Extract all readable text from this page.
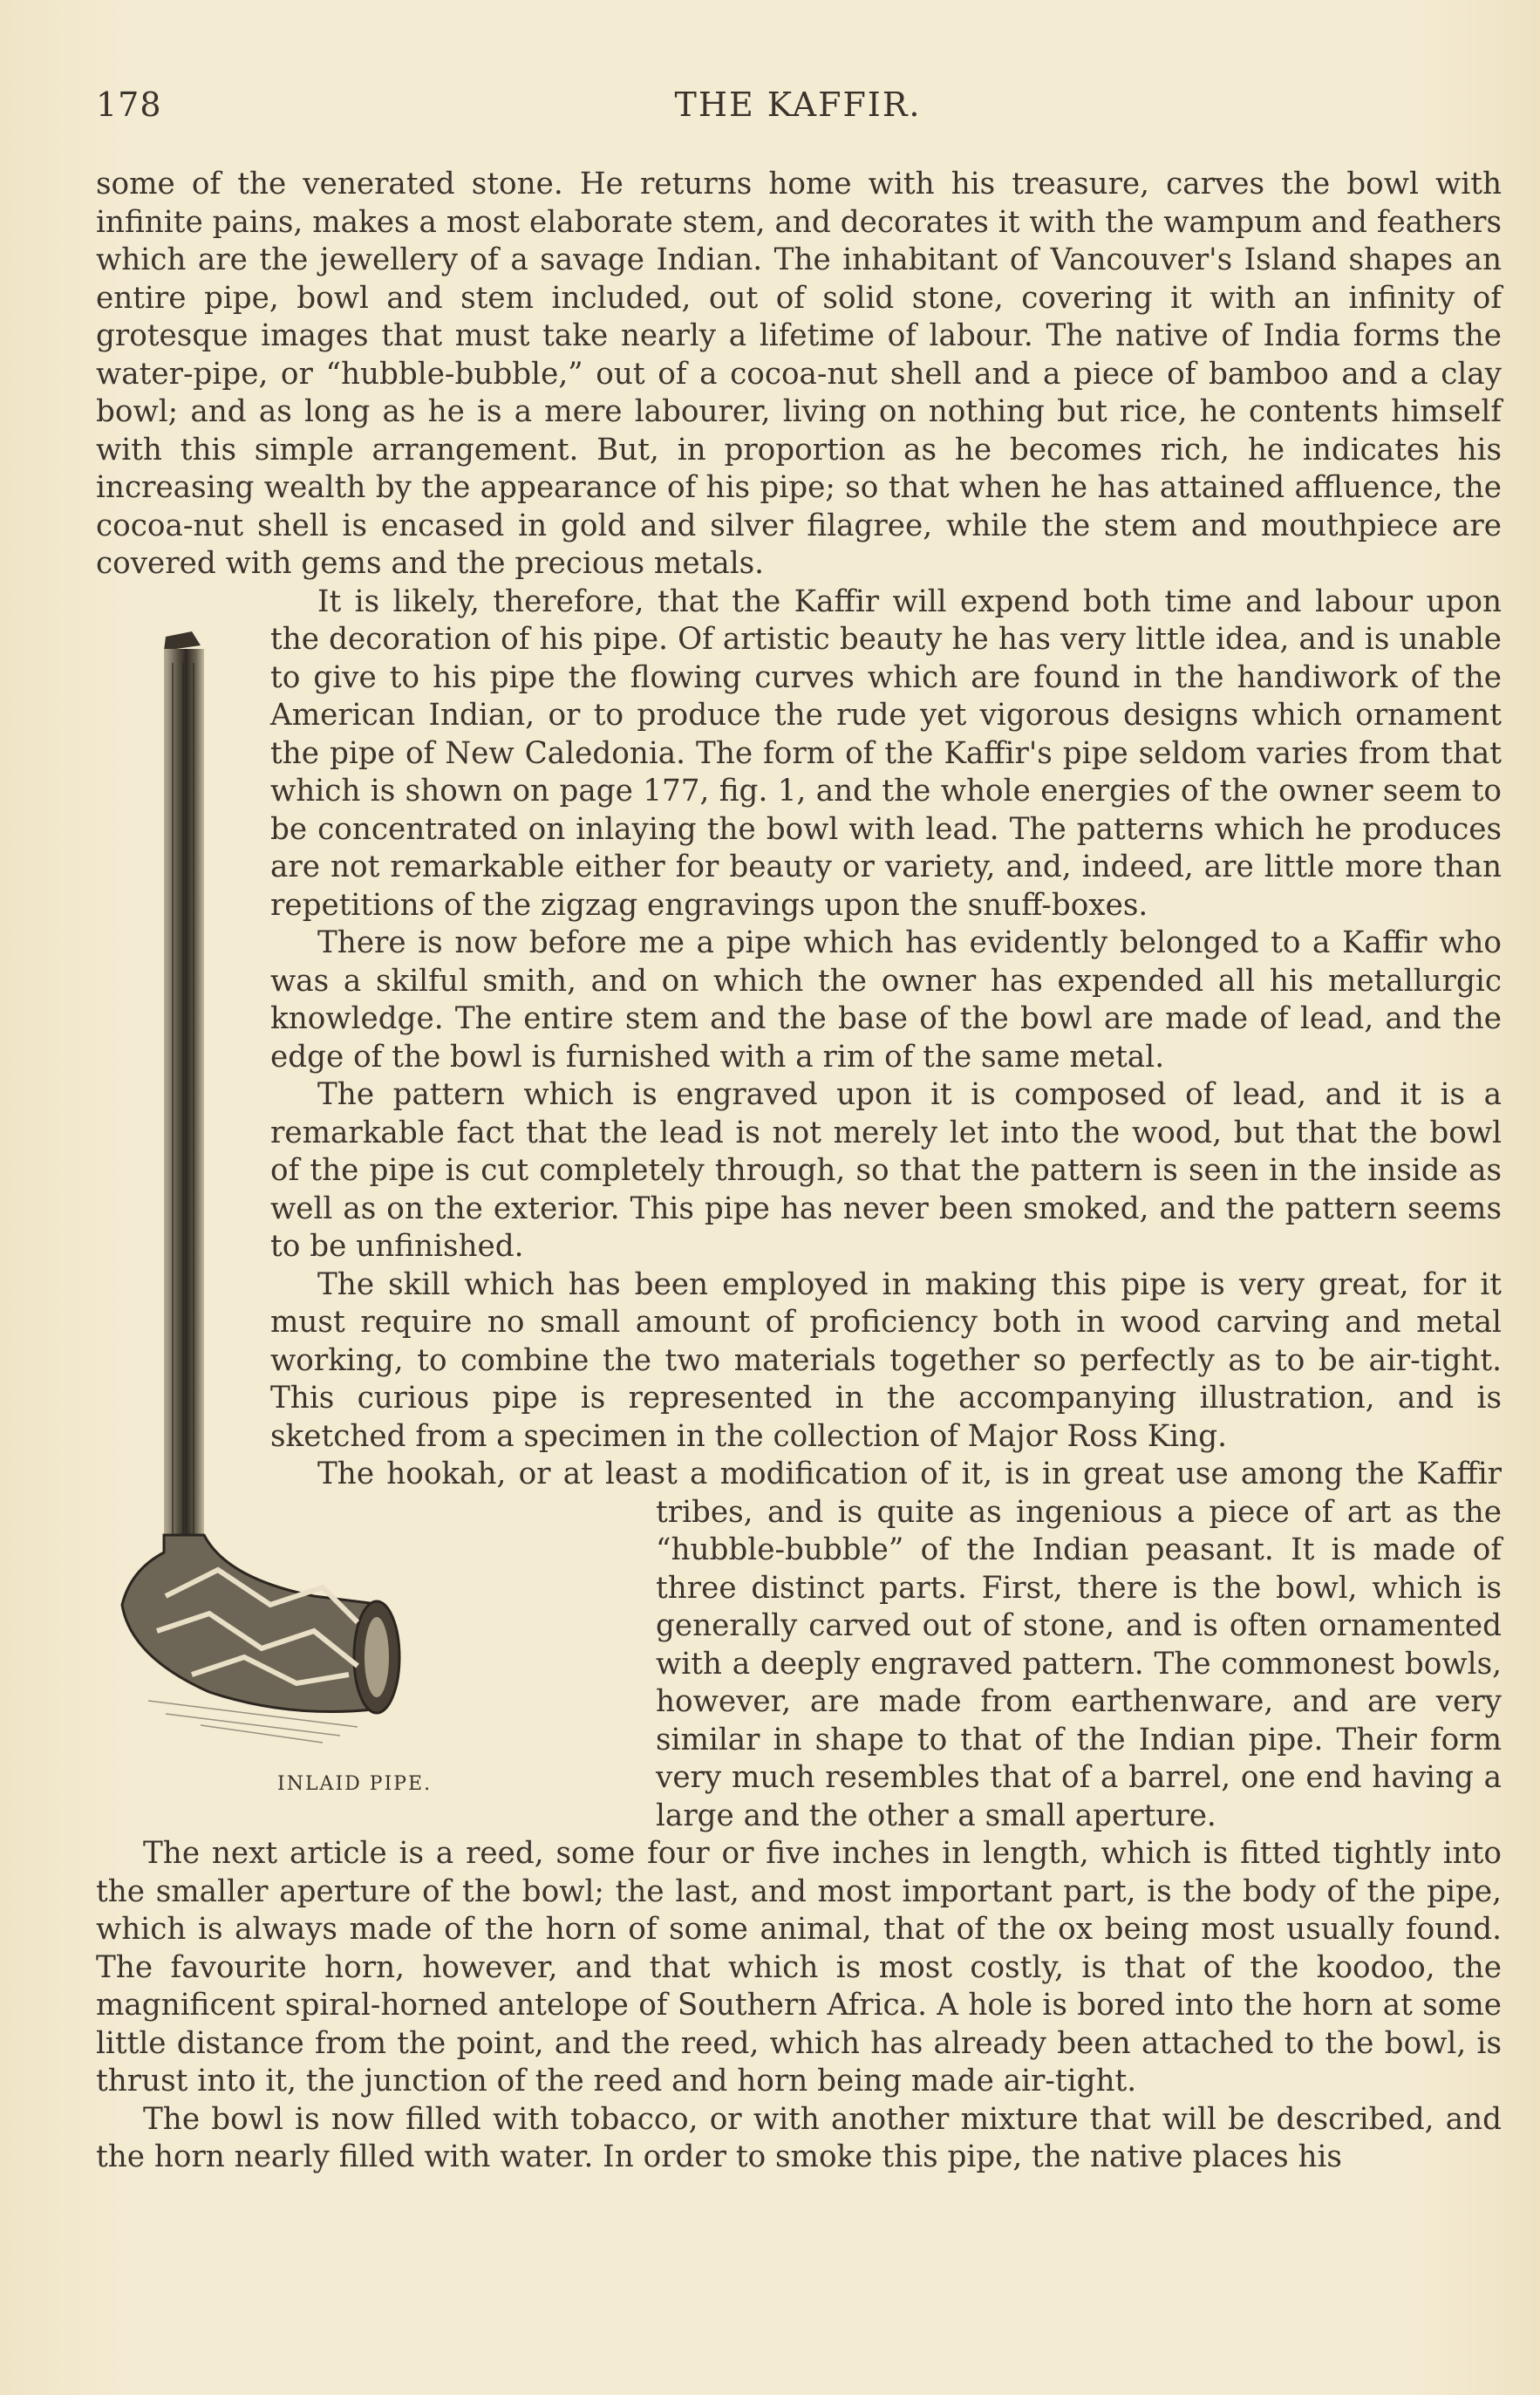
178	THE KAFFIR.

some of the venerated stone. He returns home with his treasure, carves the bowl with infinite pains, makes a most elaborate stem, and decorates it with the wampum and feathers which are the jewellery of a savage Indian. The inhabitant of Vancouver's Island shapes an entire pipe, bowl and stem included, out of solid stone, covering it with an infinity of grotesque images that must take nearly a lifetime of labour. The native of India forms the water-pipe, or “hubble-bubble,” out of a cocoa-nut shell and a piece of bamboo and a clay bowl; and as long as he is a mere labourer, living on nothing but rice, he contents himself with this simple arrangement. But, in proportion as he becomes rich, he indicates his increasing wealth by the appearance of his pipe; so that when he has attained affluence, the cocoa-nut shell is encased in gold and silver filagree, while the stem and mouthpiece are covered with gems and the precious metals.

It is likely, therefore, that the Kaffir will expend both time and labour upon the decoration of his pipe. Of artistic beauty he has very little idea, and is unable to give to his pipe the flowing curves which are found in the handiwork of the American Indian, or to produce the rude yet vigorous designs which ornament the pipe of New Caledonia. The form of the Kaffir's pipe seldom varies from that which is shown on page 177, fig. 1, and the whole energies of the owner seem to be concentrated on inlaying the bowl with lead. The patterns which he produces are not remarkable either for beauty or variety, and, indeed, are little more than repetitions of the zigzag engravings upon the snuff-boxes.

There is now before me a pipe which has evidently belonged to a Kaffir who was a skilful smith, and on which the owner has expended all his metallurgic knowledge. The entire stem and the base of the bowl are made of lead, and the edge of the bowl is furnished with a rim of the same metal.

The pattern which is engraved upon it is composed of lead, and it is a remarkable fact that the lead is not merely let into the wood, but that the bowl of the pipe is cut completely through, so that the pattern is seen in the inside as well as on the exterior. This pipe has never been smoked, and the pattern seems to be unfinished.

The skill which has been employed in making this pipe is very great, for it must require no small amount of proficiency both in wood carving and metal working, to combine the two materials together so perfectly as to be air-tight. This curious pipe is represented in the accompanying illustration, and is sketched from a specimen in the collection of Major Ross King.

The hookah, or at least a modification of it, is in great use among the Kaffir tribes, and is quite as ingenious a piece of art as the “hubble-bubble” of the Indian peasant. It is made of three distinct parts. First, there is the bowl, which is generally carved out of stone, and is often ornamented with a deeply engraved pattern. The commonest bowls, however, are made from earthenware, and are very similar in shape to that of the Indian pipe. Their form very much resembles that of a barrel, one end having a large and the other a small aperture.

The next article is a reed, some four or five inches in length, which is fitted tightly into the smaller aperture of the bowl; the last, and most important part, is the body of the pipe, which is always made of the horn of some animal, that of the ox being most usually found. The favourite horn, however, and that which is most costly, is that of the koodoo, the magnificent spiral-horned antelope of Southern Africa. A hole is bored into the horn at some little distance from the point, and the reed, which has already been attached to the bowl, is thrust into it, the junction of the reed and horn being made air-tight.

The bowl is now filled with tobacco, or with another mixture that will be described, and the horn nearly filled with water. In order to smoke this pipe, the native places his

INLAID PIPE.
